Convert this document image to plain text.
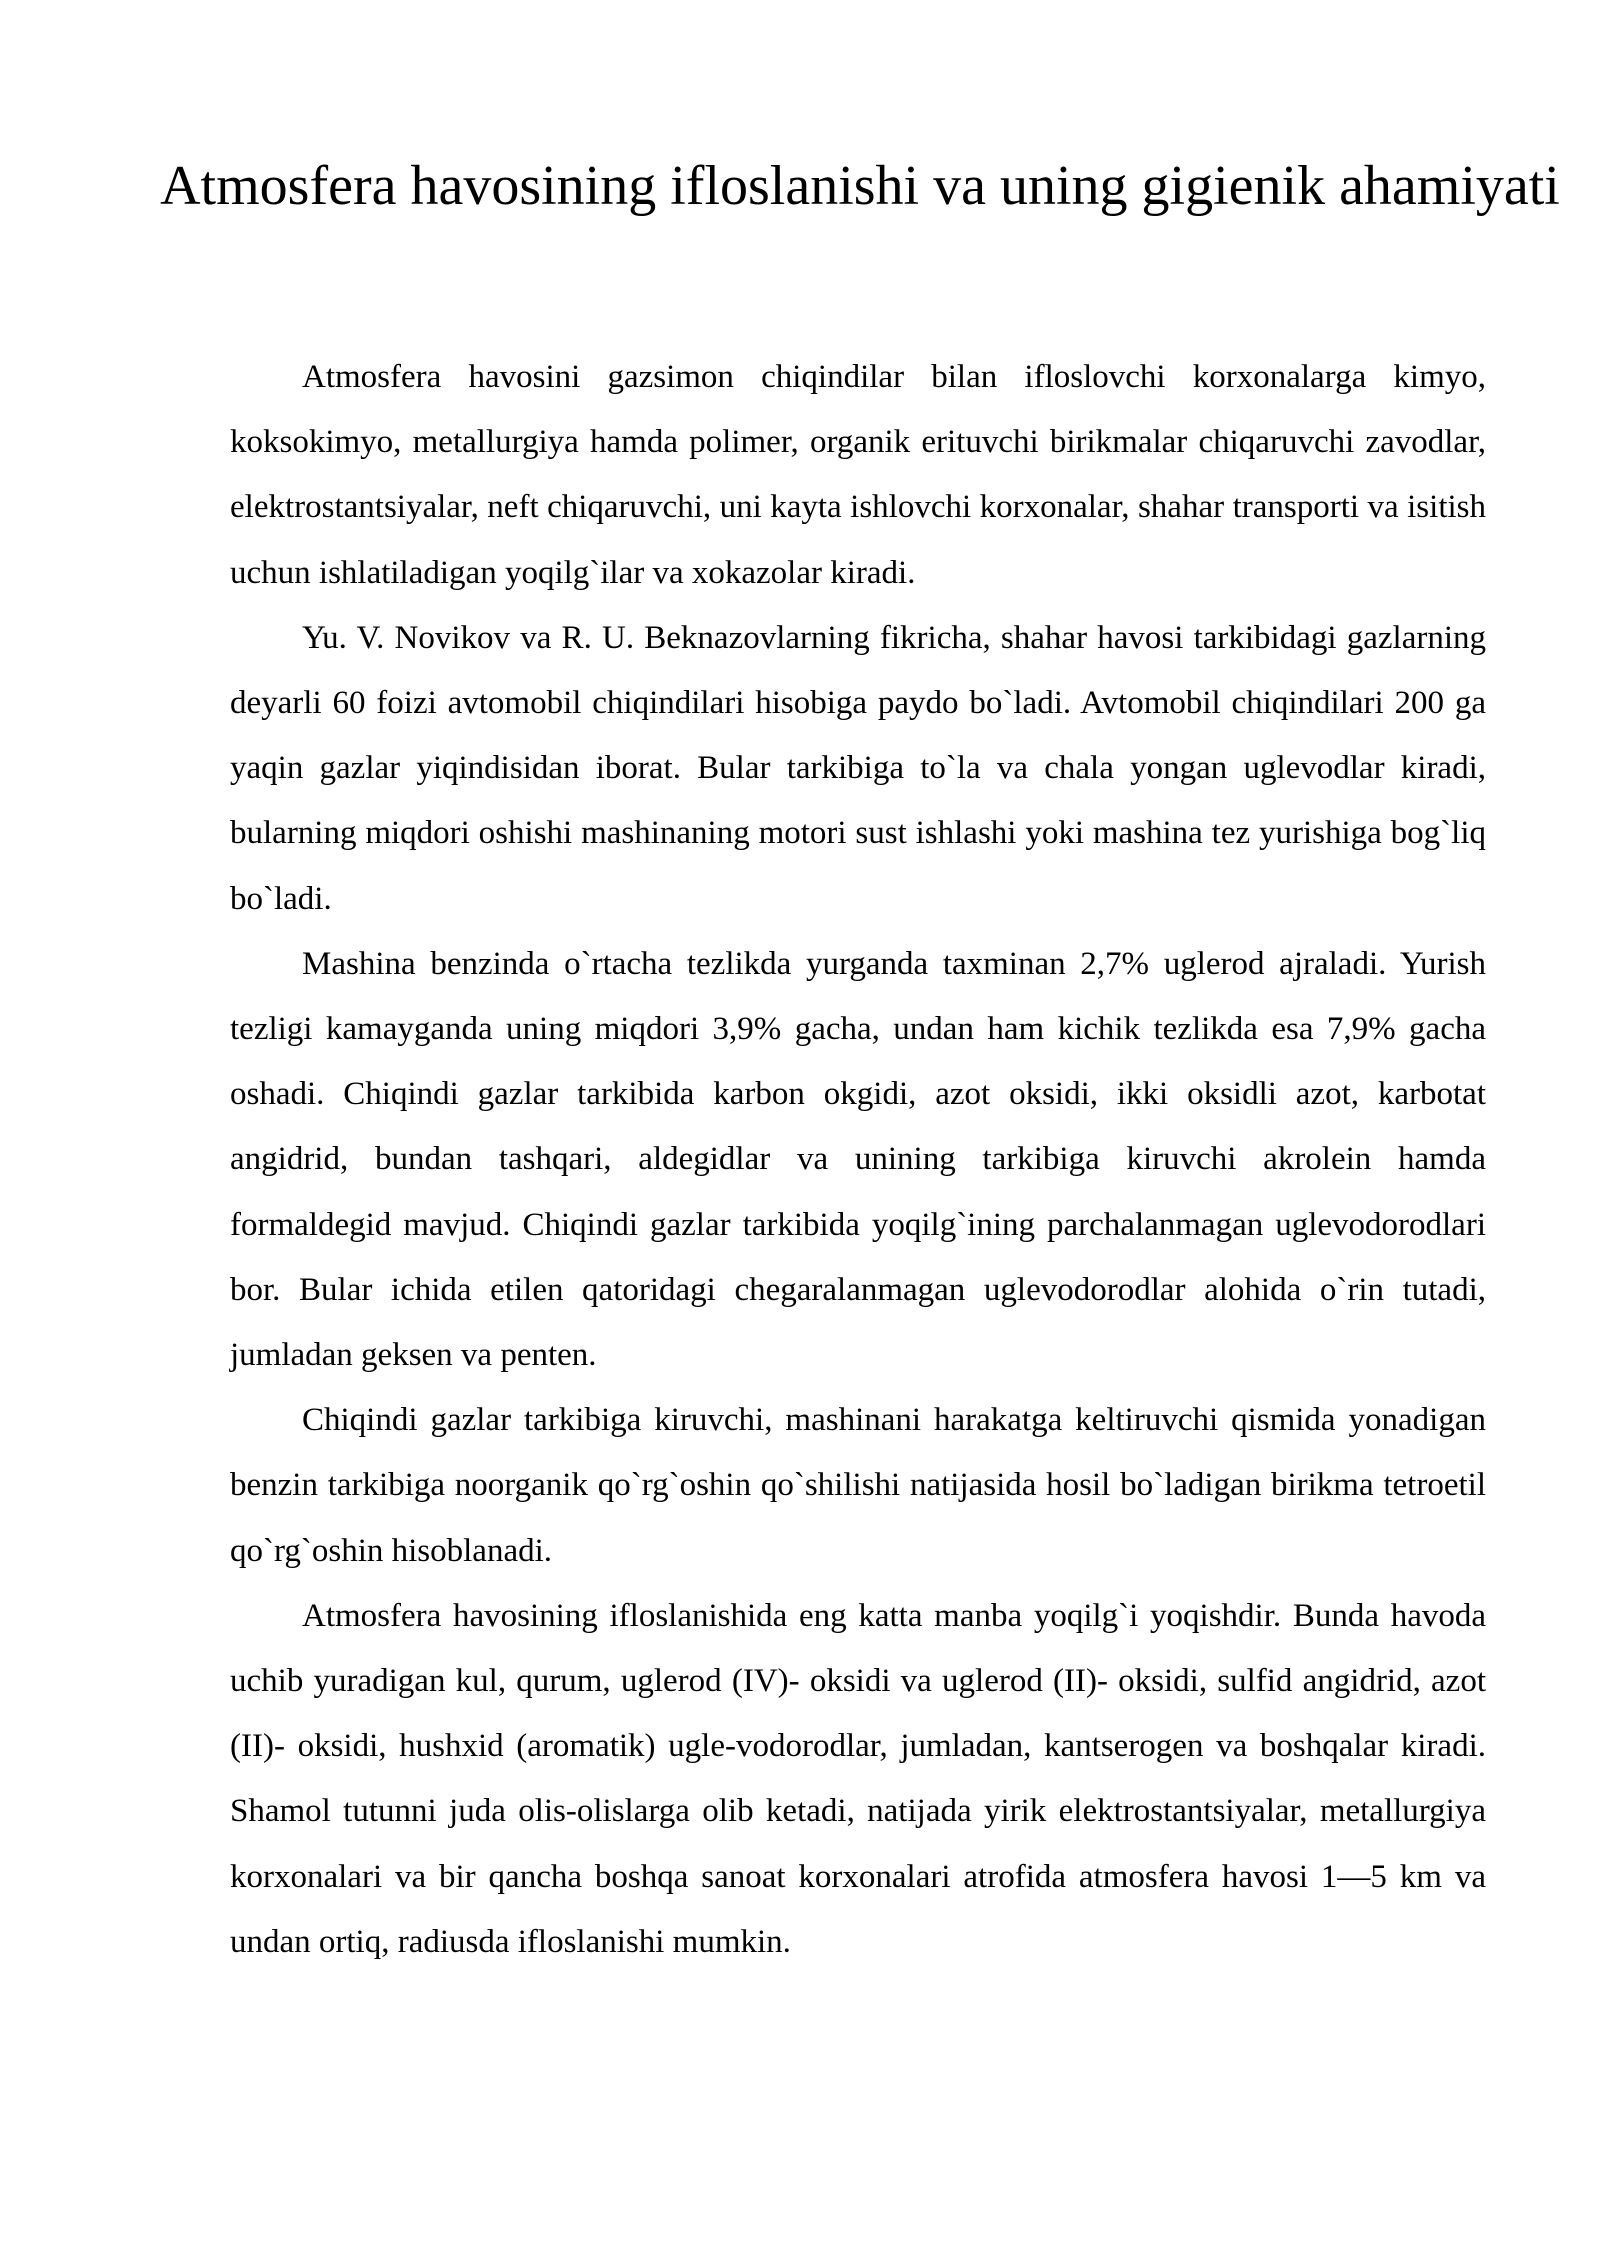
Atmosfera havosining ifloslanishi va uning gigienik ahamiyati

Atmosfera havosini gazsimon chiqindilar bilan ifloslovchi korxonalarga kimyo, koksokimyo, metallurgiya hamda polimer, organik erituvchi birikmalar chiqaruvchi zavodlar, elektrostantsiyalar, neft chiqaruvchi, uni kayta ishlovchi korxonalar, shahar transporti va isitish uchun ishlatiladigan yoqilg`ilar va xokazolar kiradi.

Yu. V. Novikov va R. U. Beknazovlarning fikricha, shahar havosi tarkibidagi gazlarning deyarli 60 foizi avtomobil chiqindilari hisobiga paydo bo`ladi. Avtomobil chiqindilari 200 ga yaqin gazlar yiqindisidan iborat. Bular tarkibiga to`la va chala yongan uglevodlar kiradi, bularning miqdori oshishi mashinaning motori sust ishlashi yoki mashina tez yurishiga bog`liq bo`ladi.

Mashina benzinda o`rtacha tezlikda yurganda taxminan 2,7% uglerod ajraladi. Yurish tezligi kamayganda uning miqdori 3,9% gacha, undan ham kichik tezlikda esa 7,9% gacha oshadi. Chiqindi gazlar tarkibida karbon okgidi, azot oksidi, ikki oksidli azot, karbotat angidrid, bundan tashqari, aldegidlar va unining tarkibiga kiruvchi akrolein hamda formaldegid mavjud. Chiqindi gazlar tarkibida yoqilg`ining parchalanmagan uglevodorodlari bor. Bular ichida etilen qatoridagi chegaralanmagan uglevodorodlar alohida o`rin tutadi, jumladan geksen va penten.

Chiqindi gazlar tarkibiga kiruvchi, mashinani harakatga keltiruvchi qismida yonadigan benzin tarkibiga noorganik qo`rg`oshin qo`shilishi natijasida hosil bo`ladigan birikma tetroetil qo`rg`oshin hisoblanadi.

Atmosfera havosining ifloslanishida eng katta manba yoqilg`i yoqishdir. Bunda havoda uchib yuradigan kul, qurum, uglerod (IV)- oksidi va uglerod (II)- oksidi, sulfid angidrid, azot (II)- oksidi, hushxid (aromatik) ugle-vodorodlar, jumladan, kantserogen va boshqalar kiradi. Shamol tutunni juda olis-olislarga olib ketadi, natijada yirik elektrostantsiyalar, metallurgiya korxonalari va bir qancha boshqa sanoat korxonalari atrofida atmosfera havosi 1—5 km va undan ortiq, radiusda ifloslanishi mumkin.
